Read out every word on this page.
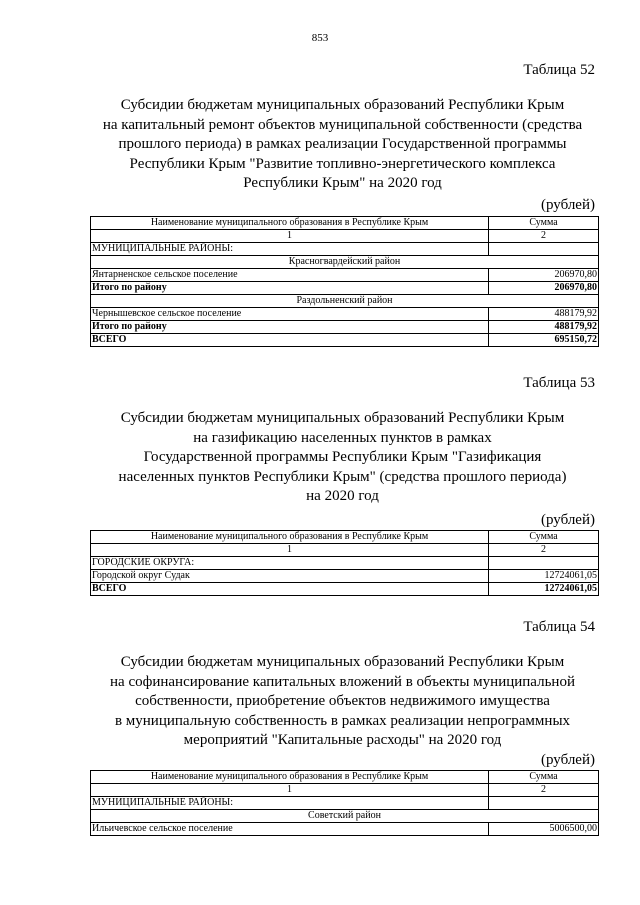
853
Таблица 52
Субсидии бюджетам муниципальных образований Республики Крым
на капитальный ремонт объектов муниципальной собственности (средства
прошлого периода) в рамках реализации Государственной программы
Республики Крым "Развитие топливно-энергетического комплекса
Республики Крым" на 2020 год
(рублей)
Наименование муниципального образования в Республике Крым	Сумма
1	2
МУНИЦИПАЛЬНЫЕ РАЙОНЫ:	
Красногвардейский район	
Янтарненское сельское поселение	206970,80
Итого по району	206970,80
Раздольненский район	
Чернышевское сельское поселение	488179,92
Итого по району	488179,92
ВСЕГО	695150,72
Таблица 53
Субсидии бюджетам муниципальных образований Республики Крым
на газификацию населенных пунктов в рамках
Государственной программы Республики Крым "Газификация
населенных пунктов Республики Крым" (средства прошлого периода)
на 2020 год
(рублей)
Наименование муниципального образования в Республике Крым	Сумма
1	2
ГОРОДСКИЕ ОКРУГА:	
Городской округ Судак	12724061,05
ВСЕГО	12724061,05
Таблица 54
Субсидии бюджетам муниципальных образований Республики Крым
на софинансирование капитальных вложений в объекты муниципальной
собственности, приобретение объектов недвижимого имущества
в муниципальную собственность в рамках реализации непрограммных
мероприятий "Капитальные расходы" на 2020 год
(рублей)
Наименование муниципального образования в Республике Крым	Сумма
1	2
МУНИЦИПАЛЬНЫЕ РАЙОНЫ:	
Советский район	
Ильичевское сельское поселение	5006500,00
